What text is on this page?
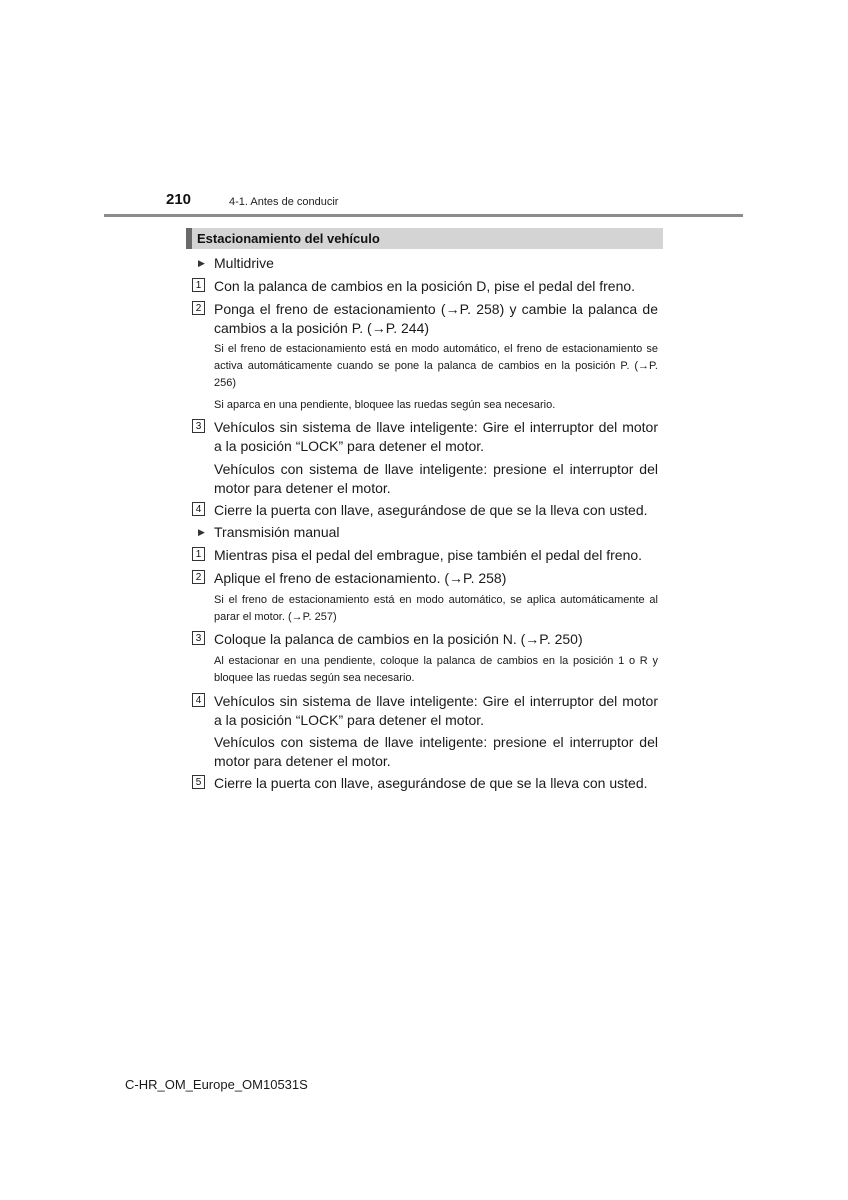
210	4-1. Antes de conducir
Estacionamiento del vehículo
▶ Multidrive
1 Con la palanca de cambios en la posición D, pise el pedal del freno.
2 Ponga el freno de estacionamiento (→P. 258) y cambie la palanca de cambios a la posición P. (→P. 244)
Si el freno de estacionamiento está en modo automático, el freno de estacionamiento se activa automáticamente cuando se pone la palanca de cambios en la posición P. (→P. 256)
Si aparca en una pendiente, bloquee las ruedas según sea necesario.
3 Vehículos sin sistema de llave inteligente: Gire el interruptor del motor a la posición “LOCK” para detener el motor.
Vehículos con sistema de llave inteligente: presione el interruptor del motor para detener el motor.
4 Cierre la puerta con llave, asegurándose de que se la lleva con usted.
▶ Transmisión manual
1 Mientras pisa el pedal del embrague, pise también el pedal del freno.
2 Aplique el freno de estacionamiento. (→P. 258)
Si el freno de estacionamiento está en modo automático, se aplica automáticamente al parar el motor. (→P. 257)
3 Coloque la palanca de cambios en la posición N. (→P. 250)
Al estacionar en una pendiente, coloque la palanca de cambios en la posición 1 o R y bloquee las ruedas según sea necesario.
4 Vehículos sin sistema de llave inteligente: Gire el interruptor del motor a la posición “LOCK” para detener el motor.
Vehículos con sistema de llave inteligente: presione el interruptor del motor para detener el motor.
5 Cierre la puerta con llave, asegurándose de que se la lleva con usted.
C-HR_OM_Europe_OM10531S
